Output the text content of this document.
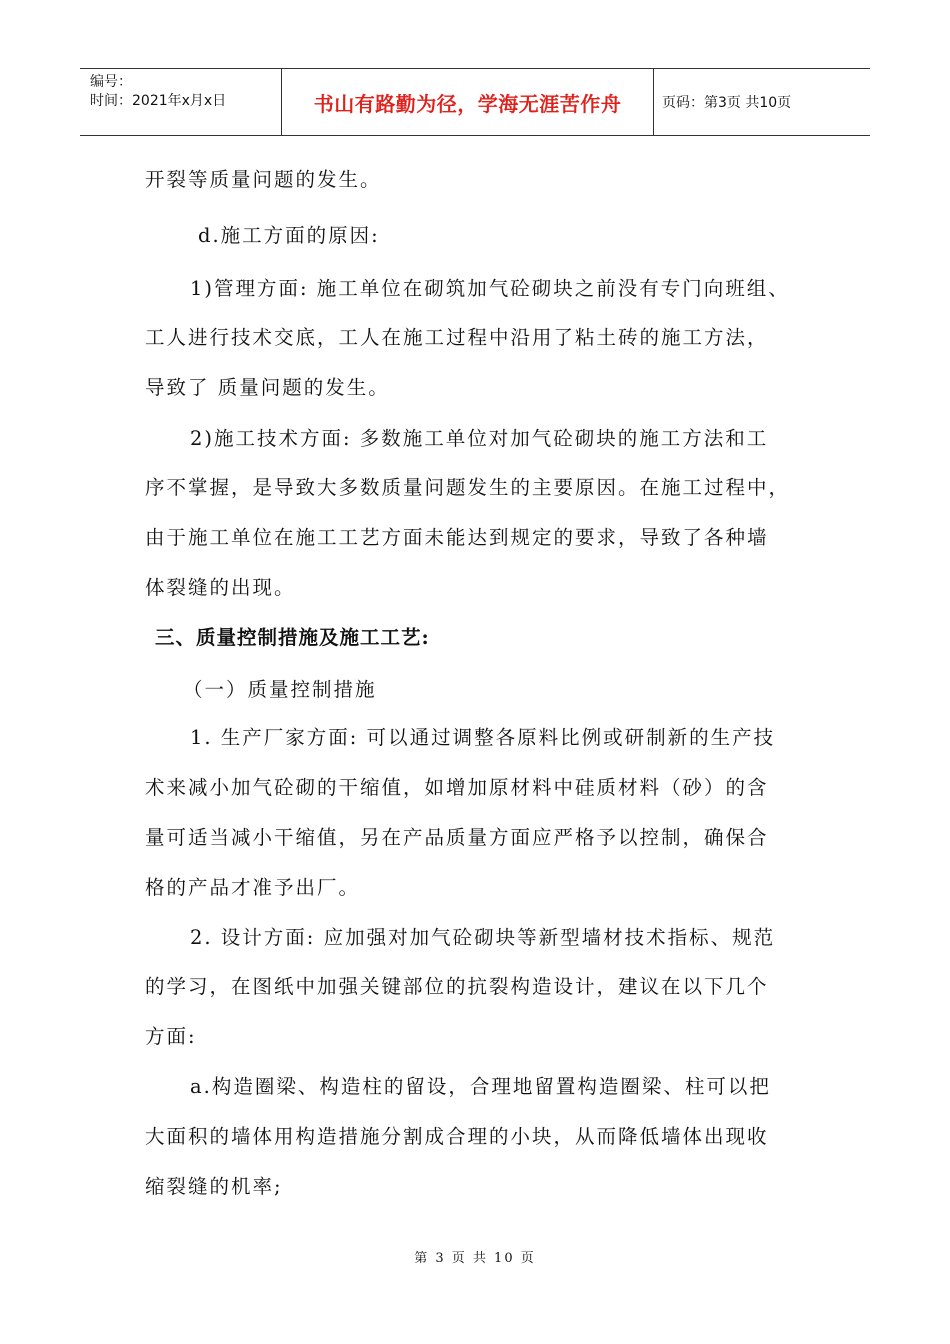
编号：
时间：2021年x月x日	书山有路勤为径，学海无涯苦作舟	页码：第3页 共10页
开裂等质量问题的发生。
d.施工方面的原因:
1)管理方面: 施工单位在砌筑加气砼砌块之前没有专门向班组、
工人进行技术交底，工人在施工过程中沿用了粘土砖的施工方法，
导致了 质量问题的发生。
2)施工技术方面: 多数施工单位对加气砼砌块的施工方法和工
序不掌握，是导致大多数质量问题发生的主要原因。在施工过程中，
由于施工单位在施工工艺方面未能达到规定的要求，导致了各种墙
体裂缝的出现。
三、质量控制措施及施工工艺:
（一）质量控制措施
1. 生产厂家方面: 可以通过调整各原料比例或研制新的生产技
术来减小加气砼砌的干缩值，如增加原材料中硅质材料（砂）的含
量可适当减小干缩值，另在产品质量方面应严格予以控制，确保合
格的产品才准予出厂。
2. 设计方面: 应加强对加气砼砌块等新型墙材技术指标、规范
的学习，在图纸中加强关键部位的抗裂构造设计，建议在以下几个
方面:
a.构造圈梁、构造柱的留设，合理地留置构造圈梁、柱可以把
大面积的墙体用构造措施分割成合理的小块，从而降低墙体出现收
缩裂缝的机率;
第 3 页 共 10 页
